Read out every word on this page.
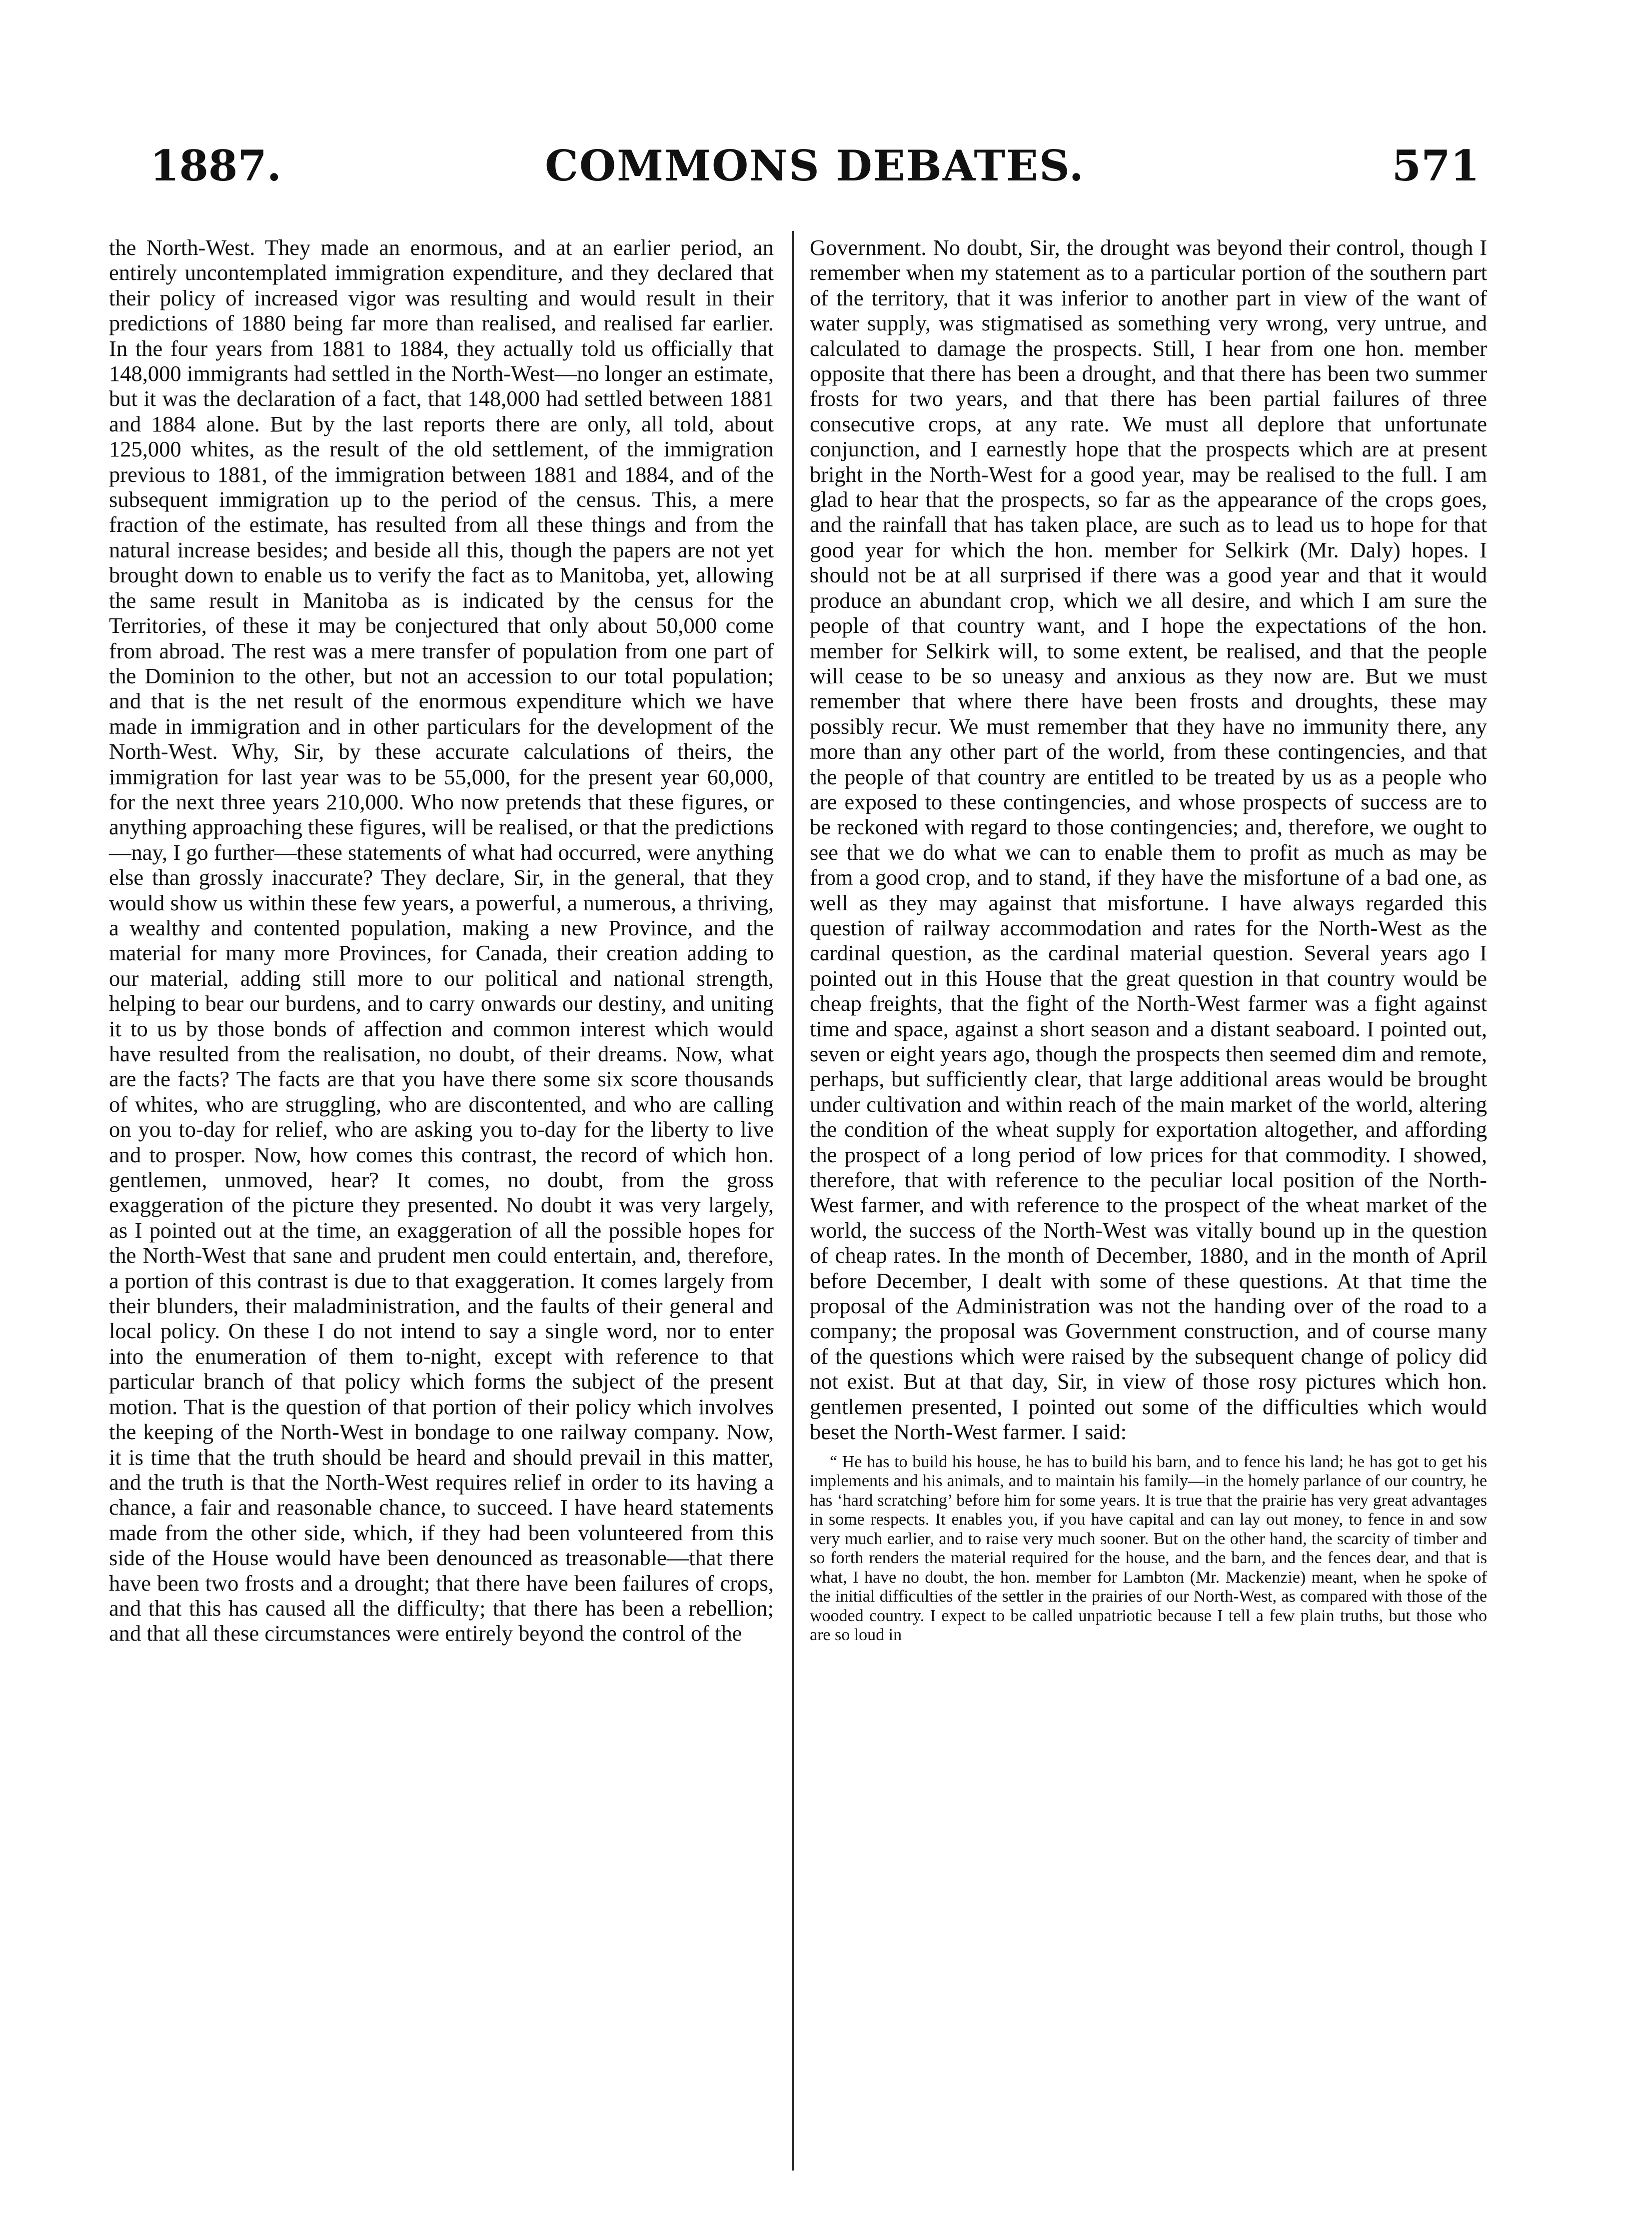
1887.	COMMONS DEBATES.	571

the North-West. They made an enormous, and at an earlier period, an entirely uncontemplated immigration expenditure, and they declared that their policy of increased vigor was resulting and would result in their predictions of 1880 being far more than realised, and realised far earlier. In the four years from 1881 to 1884, they actually told us officially that 148,000 immigrants had settled in the North-West—no longer an estimate, but it was the declaration of a fact, that 148,000 had settled between 1881 and 1884 alone. But by the last reports there are only, all told, about 125,000 whites, as the result of the old settlement, of the immigration previous to 1881, of the immigration between 1881 and 1884, and of the subsequent immigration up to the period of the census. This, a mere fraction of the estimate, has resulted from all these things and from the natural increase besides; and beside all this, though the papers are not yet brought down to enable us to verify the fact as to Manitoba, yet, allowing the same result in Manitoba as is indicated by the census for the Territories, of these it may be conjectured that only about 50,000 come from abroad. The rest was a mere transfer of population from one part of the Dominion to the other, but not an accession to our total population; and that is the net result of the enormous expenditure which we have made in immigration and in other particulars for the development of the North-West. Why, Sir, by these accurate calculations of theirs, the immigration for last year was to be 55,000, for the present year 60,000, for the next three years 210,000. Who now pretends that these figures, or anything approaching these figures, will be realised, or that the predictions—nay, I go further—these statements of what had occurred, were anything else than grossly inaccurate? They declare, Sir, in the general, that they would show us within these few years, a powerful, a numerous, a thriving, a wealthy and contented population, making a new Province, and the material for many more Provinces, for Canada, their creation adding to our material, adding still more to our political and national strength, helping to bear our burdens, and to carry onwards our destiny, and uniting it to us by those bonds of affection and common interest which would have resulted from the realisation, no doubt, of their dreams. Now, what are the facts? The facts are that you have there some six score thousands of whites, who are struggling, who are discontented, and who are calling on you to-day for relief, who are asking you to-day for the liberty to live and to prosper. Now, how comes this contrast, the record of which hon. gentlemen, unmoved, hear? It comes, no doubt, from the gross exaggeration of the picture they presented. No doubt it was very largely, as I pointed out at the time, an exaggeration of all the possible hopes for the North-West that sane and prudent men could entertain, and, therefore, a portion of this contrast is due to that exaggeration. It comes largely from their blunders, their maladministration, and the faults of their general and local policy. On these I do not intend to say a single word, nor to enter into the enumeration of them to-night, except with reference to that particular branch of that policy which forms the subject of the present motion. That is the question of that portion of their policy which involves the keeping of the North-West in bondage to one railway company. Now, it is time that the truth should be heard and should prevail in this matter, and the truth is that the North-West requires relief in order to its having a chance, a fair and reasonable chance, to succeed. I have heard statements made from the other side, which, if they had been volunteered from this side of the House would have been denounced as treasonable—that there have been two frosts and a drought; that there have been failures of crops, and that this has caused all the difficulty; that there has been a rebellion; and that all these circumstances were entirely beyond the control of the

Government. No doubt, Sir, the drought was beyond their control, though I remember when my statement as to a particular portion of the southern part of the territory, that it was inferior to another part in view of the want of water supply, was stigmatised as something very wrong, very untrue, and calculated to damage the prospects. Still, I hear from one hon. member opposite that there has been a drought, and that there has been two summer frosts for two years, and that there has been partial failures of three consecutive crops, at any rate. We must all deplore that unfortunate conjunction, and I earnestly hope that the prospects which are at present bright in the North-West for a good year, may be realised to the full. I am glad to hear that the prospects, so far as the appearance of the crops goes, and the rainfall that has taken place, are such as to lead us to hope for that good year for which the hon. member for Selkirk (Mr. Daly) hopes. I should not be at all surprised if there was a good year and that it would produce an abundant crop, which we all desire, and which I am sure the people of that country want, and I hope the expectations of the hon. member for Selkirk will, to some extent, be realised, and that the people will cease to be so uneasy and anxious as they now are. But we must remember that where there have been frosts and droughts, these may possibly recur. We must remember that they have no immunity there, any more than any other part of the world, from these contingencies, and that the people of that country are entitled to be treated by us as a people who are exposed to these contingencies, and whose prospects of success are to be reckoned with regard to those contingencies; and, therefore, we ought to see that we do what we can to enable them to profit as much as may be from a good crop, and to stand, if they have the misfortune of a bad one, as well as they may against that misfortune. I have always regarded this question of railway accommodation and rates for the North-West as the cardinal question, as the cardinal material question. Several years ago I pointed out in this House that the great question in that country would be cheap freights, that the fight of the North-West farmer was a fight against time and space, against a short season and a distant seaboard. I pointed out, seven or eight years ago, though the prospects then seemed dim and remote, perhaps, but sufficiently clear, that large additional areas would be brought under cultivation and within reach of the main market of the world, altering the condition of the wheat supply for exportation altogether, and affording the prospect of a long period of low prices for that commodity. I showed, therefore, that with reference to the peculiar local position of the North-West farmer, and with reference to the prospect of the wheat market of the world, the success of the North-West was vitally bound up in the question of cheap rates. In the month of December, 1880, and in the month of April before December, I dealt with some of these questions. At that time the proposal of the Administration was not the handing over of the road to a company; the proposal was Government construction, and of course many of the questions which were raised by the subsequent change of policy did not exist. But at that day, Sir, in view of those rosy pictures which hon. gentlemen presented, I pointed out some of the difficulties which would beset the North-West farmer. I said:

“ He has to build his house, he has to build his barn, and to fence his land; he has got to get his implements and his animals, and to maintain his family—in the homely parlance of our country, he has ‘hard scratching’ before him for some years. It is true that the prairie has very great advantages in some respects. It enables you, if you have capital and can lay out money, to fence in and sow very much earlier, and to raise very much sooner. But on the other hand, the scarcity of timber and so forth renders the material required for the house, and the barn, and the fences dear, and that is what, I have no doubt, the hon. member for Lambton (Mr. Mackenzie) meant, when he spoke of the initial difficulties of the settler in the prairies of our North-West, as compared with those of the wooded country. I expect to be called unpatriotic because I tell a few plain truths, but those who are so loud in
